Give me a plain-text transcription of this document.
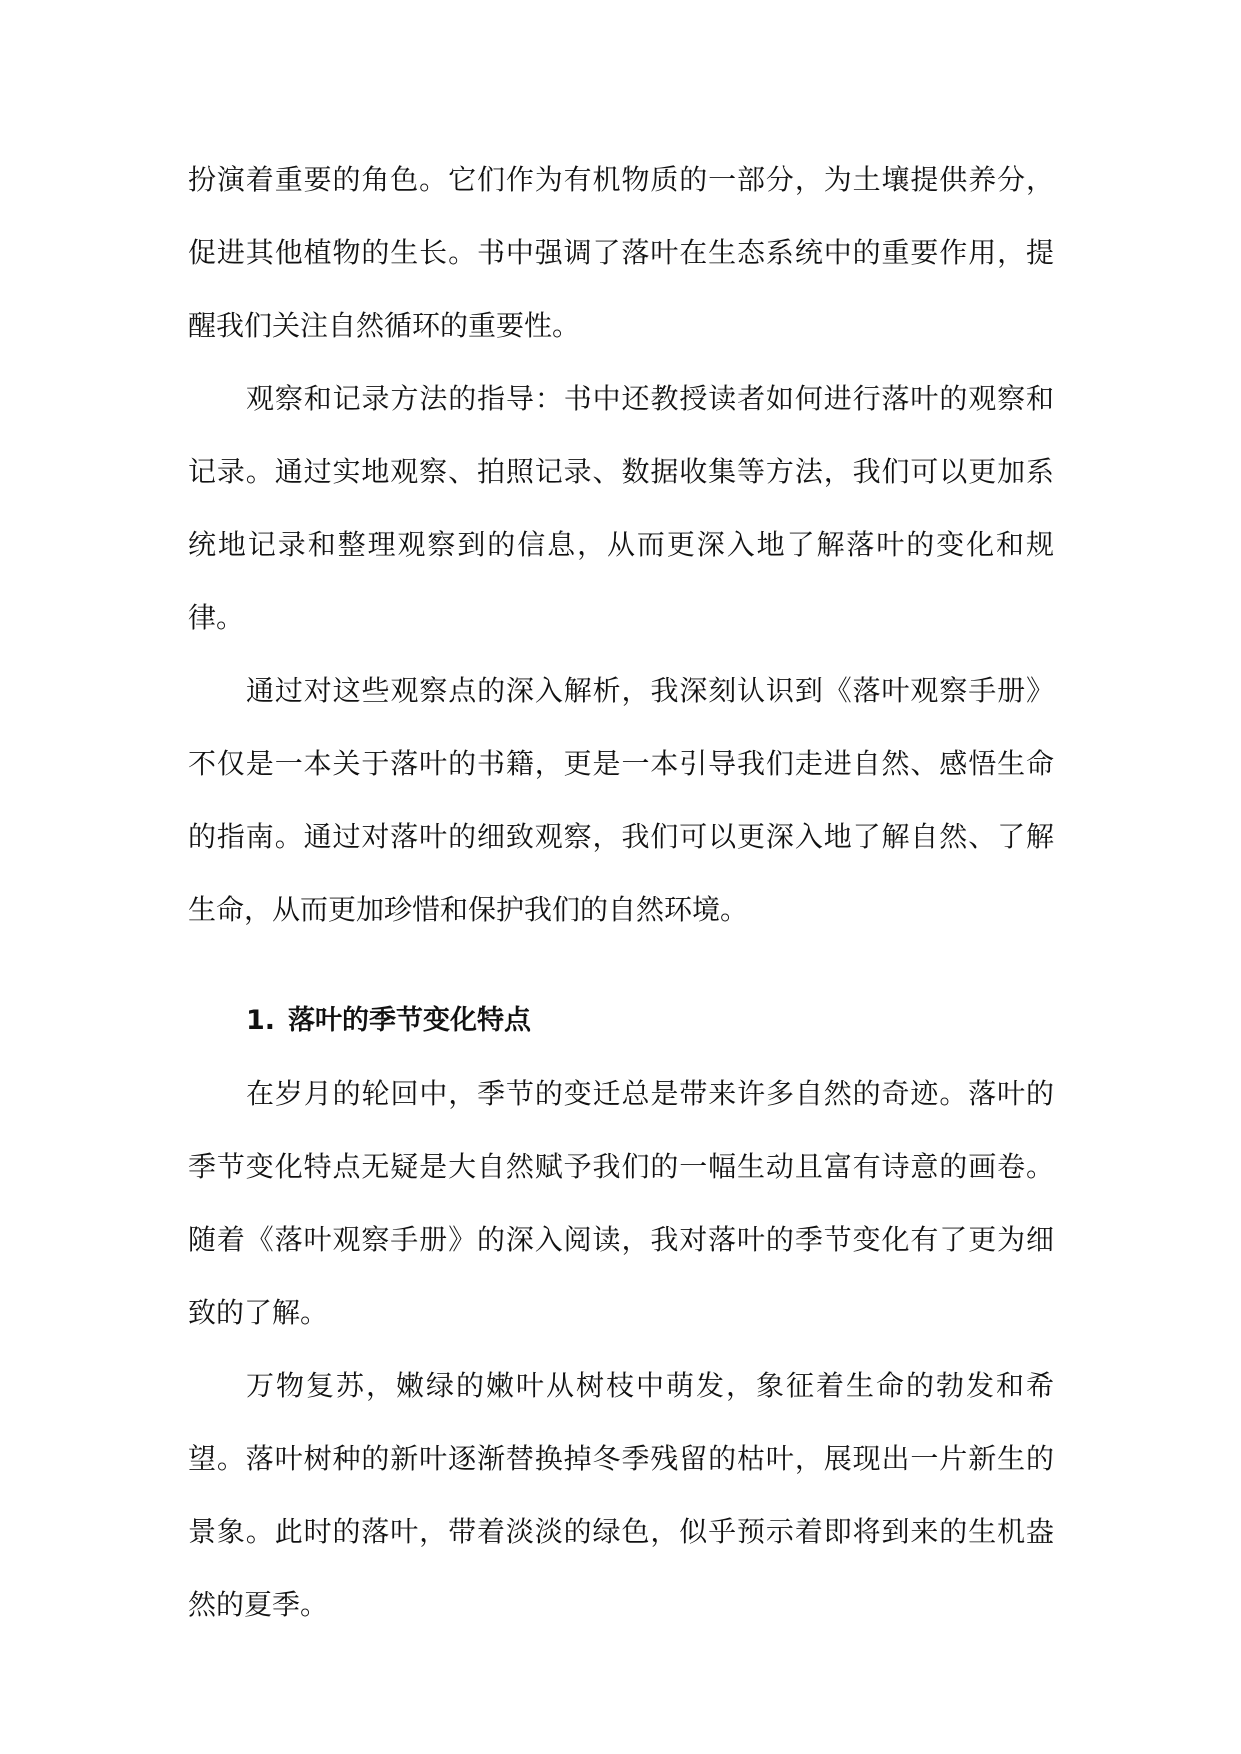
扮演着重要的角色。它们作为有机物质的一部分，为土壤提供养分，促进其他植物的生长。书中强调了落叶在生态系统中的重要作用，提醒我们关注自然循环的重要性。

观察和记录方法的指导：书中还教授读者如何进行落叶的观察和记录。通过实地观察、拍照记录、数据收集等方法，我们可以更加系统地记录和整理观察到的信息，从而更深入地了解落叶的变化和规律。

通过对这些观察点的深入解析，我深刻认识到《落叶观察手册》不仅是一本关于落叶的书籍，更是一本引导我们走进自然、感悟生命的指南。通过对落叶的细致观察，我们可以更深入地了解自然、了解生命，从而更加珍惜和保护我们的自然环境。

1. 落叶的季节变化特点

在岁月的轮回中，季节的变迁总是带来许多自然的奇迹。落叶的季节变化特点无疑是大自然赋予我们的一幅生动且富有诗意的画卷。随着《落叶观察手册》的深入阅读，我对落叶的季节变化有了更为细致的了解。

万物复苏，嫩绿的嫩叶从树枝中萌发，象征着生命的勃发和希望。落叶树种的新叶逐渐替换掉冬季残留的枯叶，展现出一片新生的景象。此时的落叶，带着淡淡的绿色，似乎预示着即将到来的生机盎然的夏季。
